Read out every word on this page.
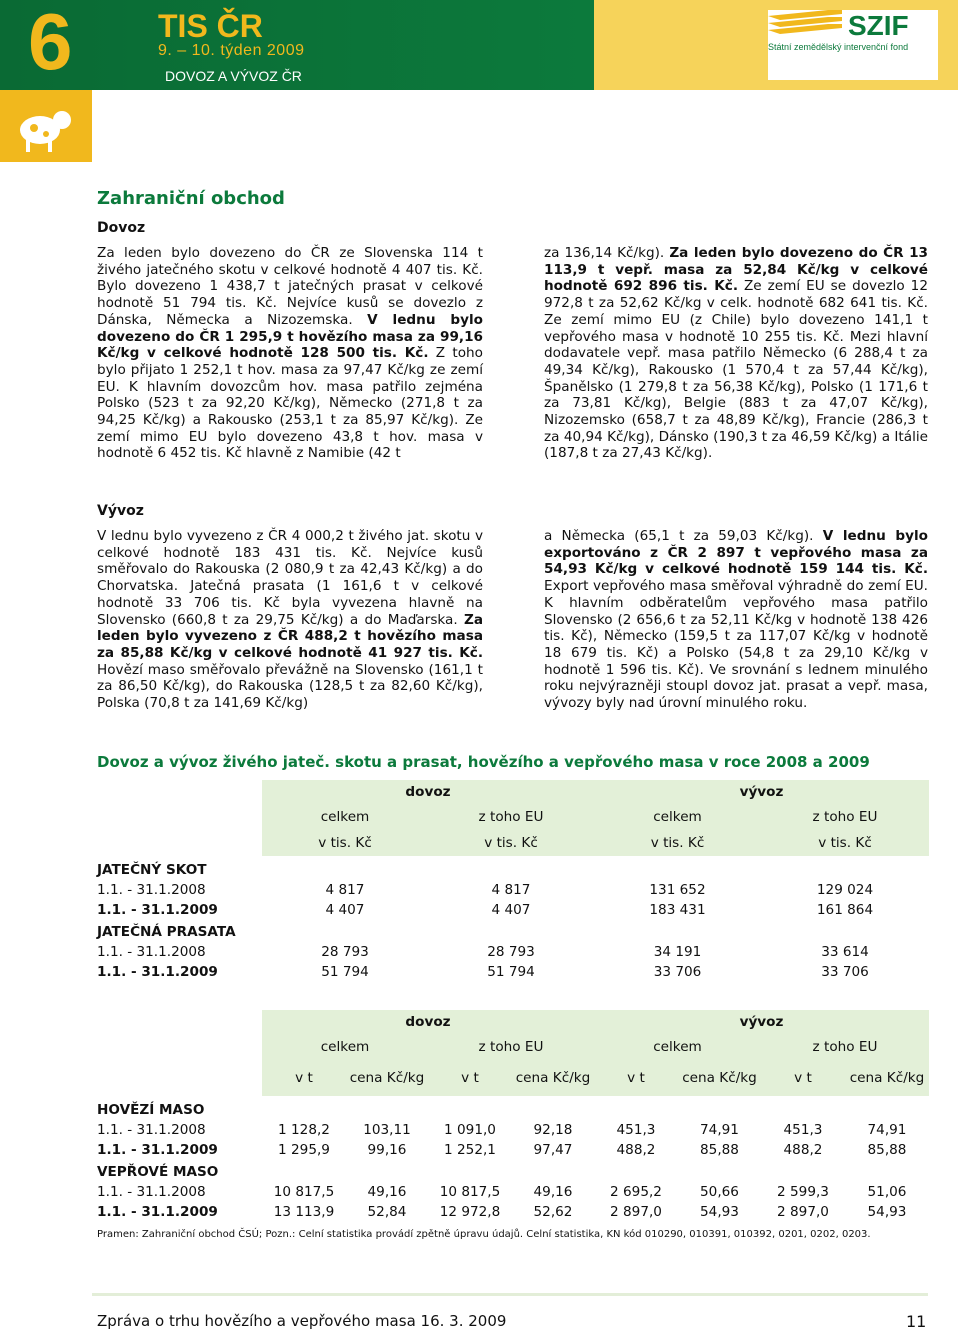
6	TIS ČR
9. – 10. týden 2009
DOVOZ A VÝVOZ ČR
SZIF
Státní zemědělský intervenční fond
Zahraniční obchod
Dovoz
Za leden bylo dovezeno do ČR ze Slovenska 114 t živého jatečného skotu v celkové hodnotě 4 407 tis. Kč. Bylo dovezeno 1 438,7 t jatečných prasat v celkové hodnotě 51 794 tis. Kč. Nejvíce kusů se dovezlo z Dánska, Německa a Nizozemska. V lednu bylo dovezeno do ČR 1 295,9 t hovězího masa za 99,16 Kč/kg v celkové hodnotě 128 500 tis. Kč. Z toho bylo přijato 1 252,1 t hov. masa za 97,47 Kč/kg ze zemí EU. K hlavním dovozcům hov. masa patřilo zejména Polsko (523 t za 92,20 Kč/kg), Německo (271,8 t za 94,25 Kč/kg) a Rakousko (253,1 t za 85,97 Kč/kg). Ze zemí mimo EU bylo dovezeno 43,8 t hov. masa v hodnotě 6 452 tis. Kč hlavně z Namibie (42 t
za 136,14 Kč/kg). Za leden bylo dovezeno do ČR 13 113,9 t vepř. masa za 52,84 Kč/kg v celkové hodnotě 692 896 tis. Kč. Ze zemí EU se dovezlo 12 972,8 t za 52,62 Kč/kg v celk. hodnotě 682 641 tis. Kč. Ze zemí mimo EU (z Chile) bylo dovezeno 141,1 t vepřového masa v hodnotě 10 255 tis. Kč. Mezi hlavní dodavatele vepř. masa patřilo Německo (6 288,4 t za 49,34 Kč/kg), Rakousko (1 570,4 t za 57,44 Kč/kg), Španělsko (1 279,8 t za 56,38 Kč/kg), Polsko (1 171,6 t za 73,81 Kč/kg), Belgie (883 t za 47,07 Kč/kg), Nizozemsko (658,7 t za 48,89 Kč/kg), Francie (286,3 t za 40,94 Kč/kg), Dánsko (190,3 t za 46,59 Kč/kg) a Itálie (187,8 t za 27,43 Kč/kg).
Vývoz
V lednu bylo vyvezeno z ČR 4 000,2 t živého jat. skotu v celkové hodnotě 183 431 tis. Kč. Nejvíce kusů směřovalo do Rakouska (2 080,9 t za 42,43 Kč/kg) a do Chorvatska. Jatečná prasata (1 161,6 t v celkové hodnotě 33 706 tis. Kč byla vyvezena hlavně na Slovensko (660,8 t za 29,75 Kč/kg) a do Maďarska. Za leden bylo vyvezeno z ČR 488,2 t hovězího masa za 85,88 Kč/kg v celkové hodnotě 41 927 tis. Kč. Hovězí maso směřovalo převážně na Slovensko (161,1 t za 86,50 Kč/kg), do Rakouska (128,5 t za 82,60 Kč/kg), Polska (70,8 t za 141,69 Kč/kg)
a Německa (65,1 t za 59,03 Kč/kg). V lednu bylo exportováno z ČR 2 897 t vepřového masa za 54,93 Kč/kg v celkové hodnotě 159 144 tis. Kč. Export vepřového masa směřoval výhradně do zemí EU. K hlavním odběratelům vepřového masa patřilo Slovensko (2 656,6 t za 52,11 Kč/kg v hodnotě 138 426 tis. Kč), Německo (159,5 t za 117,07 Kč/kg v hodnotě 18 679 tis. Kč) a Polsko (54,8 t za 29,10 Kč/kg v hodnotě 1 596 tis. Kč). Ve srovnání s lednem minulého roku nejvýrazněji stoupl dovoz jat. prasat a vepř. masa, vývozy byly nad úrovní minulého roku.
Dovoz a vývoz živého jateč. skotu a prasat, hovězího a vepřového masa v roce 2008 a 2009
	dovoz		vývoz	
	celkem	z toho EU	celkem	z toho EU
	v tis. Kč	v tis. Kč	v tis. Kč	v tis. Kč
JATEČNÝ SKOT				
1.1. - 31.1.2008	4 817	4 817	131 652	129 024
1.1. - 31.1.2009	4 407	4 407	183 431	161 864
JATEČNÁ PRASATA				
1.1. - 31.1.2008	28 793	28 793	34 191	33 614
1.1. - 31.1.2009	51 794	51 794	33 706	33 706
	dovoz				vývoz			
	celkem		z toho EU		celkem		z toho EU	
	v t	cena Kč/kg	v t	cena Kč/kg	v t	cena Kč/kg	v t	cena Kč/kg
HOVĚZÍ MASO								
1.1. - 31.1.2008	1 128,2	103,11	1 091,0	92,18	451,3	74,91	451,3	74,91
1.1. - 31.1.2009	1 295,9	99,16	1 252,1	97,47	488,2	85,88	488,2	85,88
VEPŘOVÉ MASO								
1.1. - 31.1.2008	10 817,5	49,16	10 817,5	49,16	2 695,2	50,66	2 599,3	51,06
1.1. - 31.1.2009	13 113,9	52,84	12 972,8	52,62	2 897,0	54,93	2 897,0	54,93
Pramen: Zahraniční obchod ČSÚ; Pozn.: Celní statistika provádí zpětně úpravu údajů. Celní statistika, KN kód 010290, 010391, 010392, 0201, 0202, 0203.
Zpráva o trhu hovězího a vepřového masa 16. 3. 2009	11
